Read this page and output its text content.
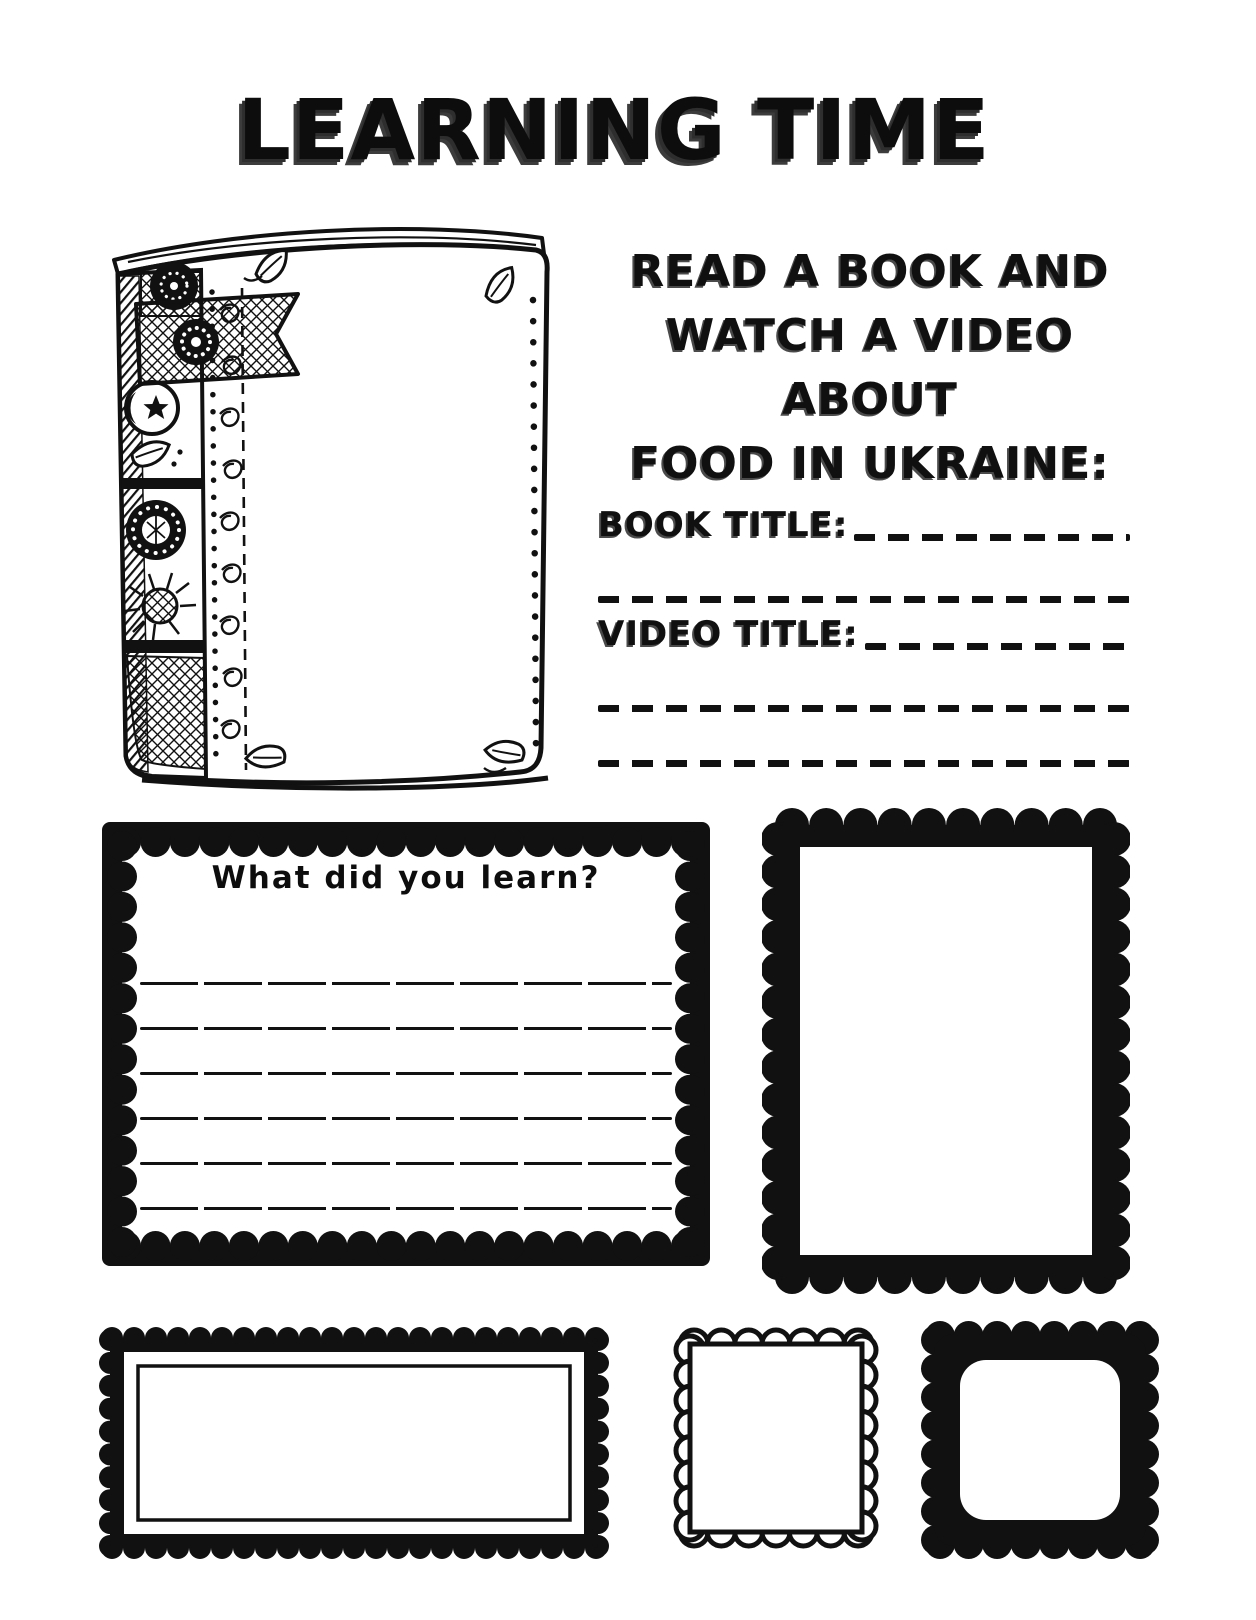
LEARNING TIME
READ A BOOK AND
WATCH A VIDEO ABOUT
FOOD IN UKRAINE:
BOOK TITLE:
VIDEO TITLE:
What did you learn?
